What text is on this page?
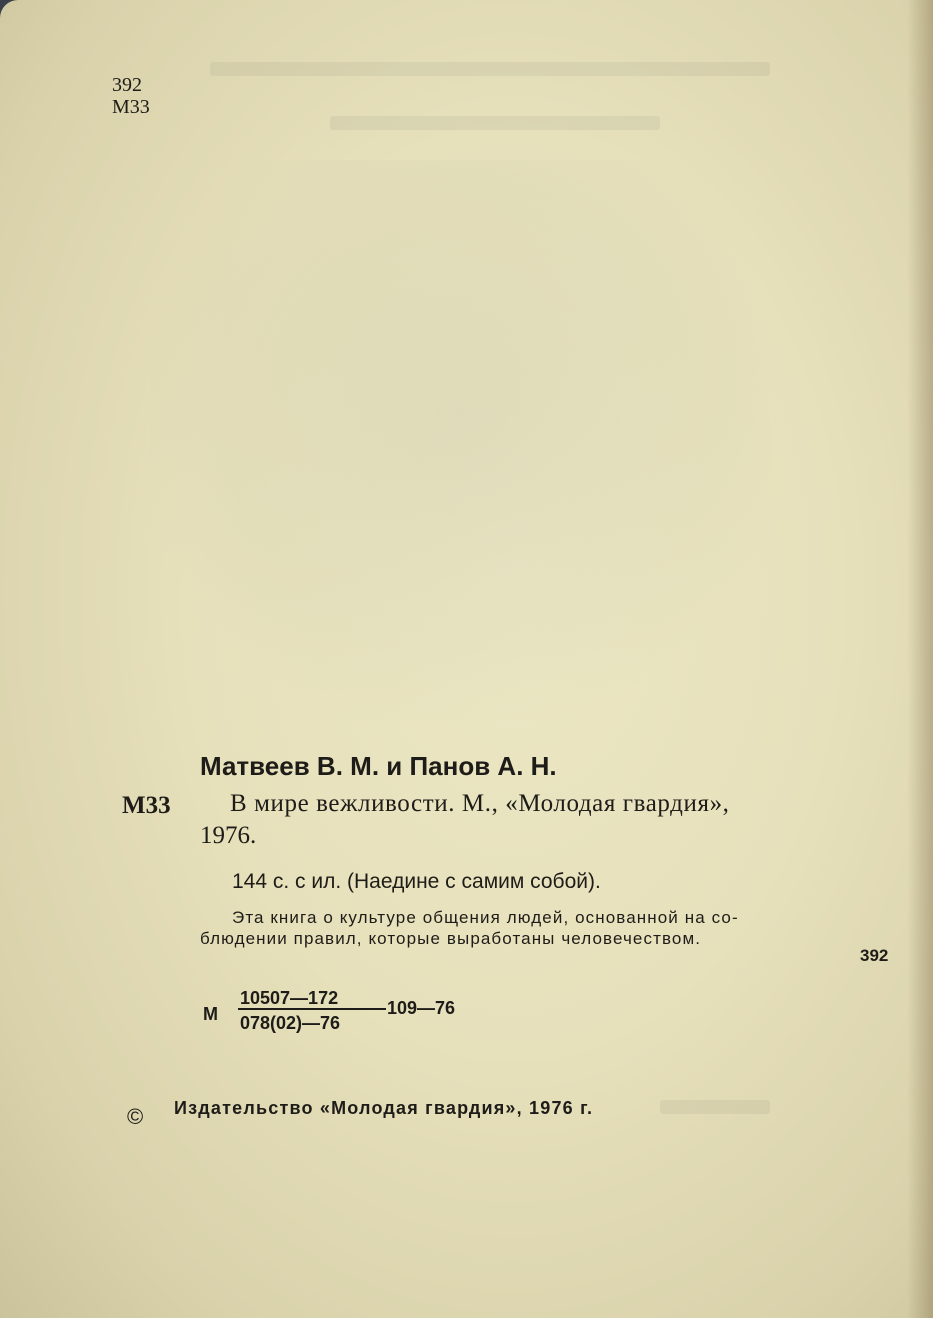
392
М33
Матвеев В. М. и Панов А. Н.
М33 В мире вежливости. М., «Молодая гвардия»,
1976.
144 с. с ил. (Наедине с самим собой).
Эта книга о культуре общения людей, основанной на со-
блюдении правил, которые выработаны человечеством.
392
М
10507—172
078(02)—76
109—76
© Издательство «Молодая гвардия», 1976 г.
